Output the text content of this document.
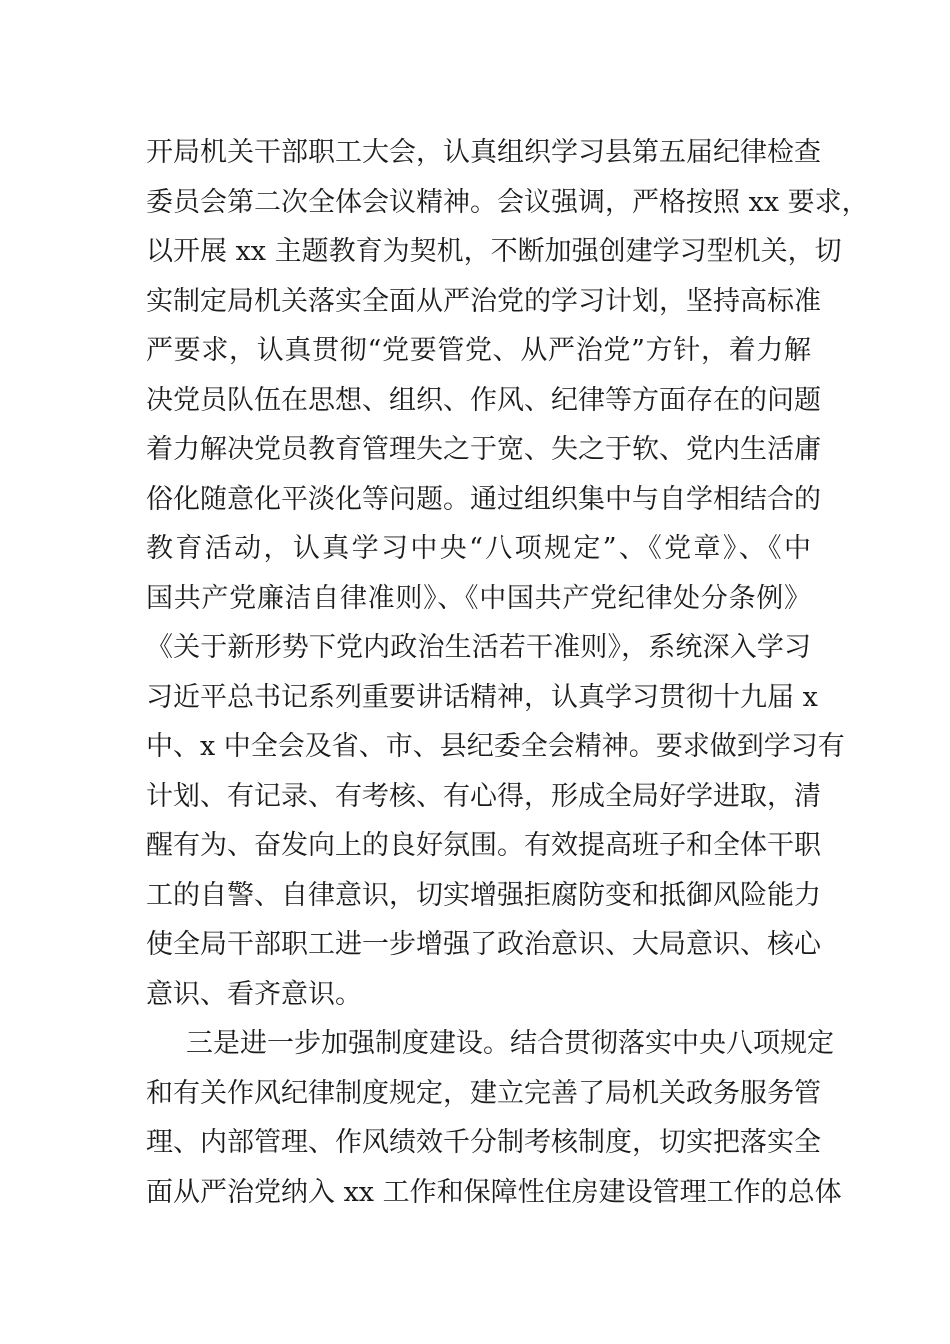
开局机关干部职工大会，认真组织学习县第五届纪律检查
委员会第二次全体会议精神。会议强调，严格按照 xx 要求，
以开展 xx 主题教育为契机，不断加强创建学习型机关，切
实制定局机关落实全面从严治党的学习计划，坚持高标准
严要求，认真贯彻“党要管党、从严治党”方针，着力解
决党员队伍在思想、组织、作风、纪律等方面存在的问题
着力解决党员教育管理失之于宽、失之于软、党内生活庸
俗化随意化平淡化等问题。通过组织集中与自学相结合的
教育活动，认真学习中央“八项规定”、《党章》、《中
国共产党廉洁自律准则》、《中国共产党纪律处分条例》
《关于新形势下党内政治生活若干准则》，系统深入学习
习近平总书记系列重要讲话精神，认真学习贯彻十九届 x
中、x 中全会及省、市、县纪委全会精神。要求做到学习有
计划、有记录、有考核、有心得，形成全局好学进取，清
醒有为、奋发向上的良好氛围。有效提高班子和全体干职
工的自警、自律意识，切实增强拒腐防变和抵御风险能力
使全局干部职工进一步增强了政治意识、大局意识、核心
意识、看齐意识。
三是进一步加强制度建设。结合贯彻落实中央八项规定
和有关作风纪律制度规定，建立完善了局机关政务服务管
理、内部管理、作风绩效千分制考核制度，切实把落实全
面从严治党纳入 xx 工作和保障性住房建设管理工作的总体
